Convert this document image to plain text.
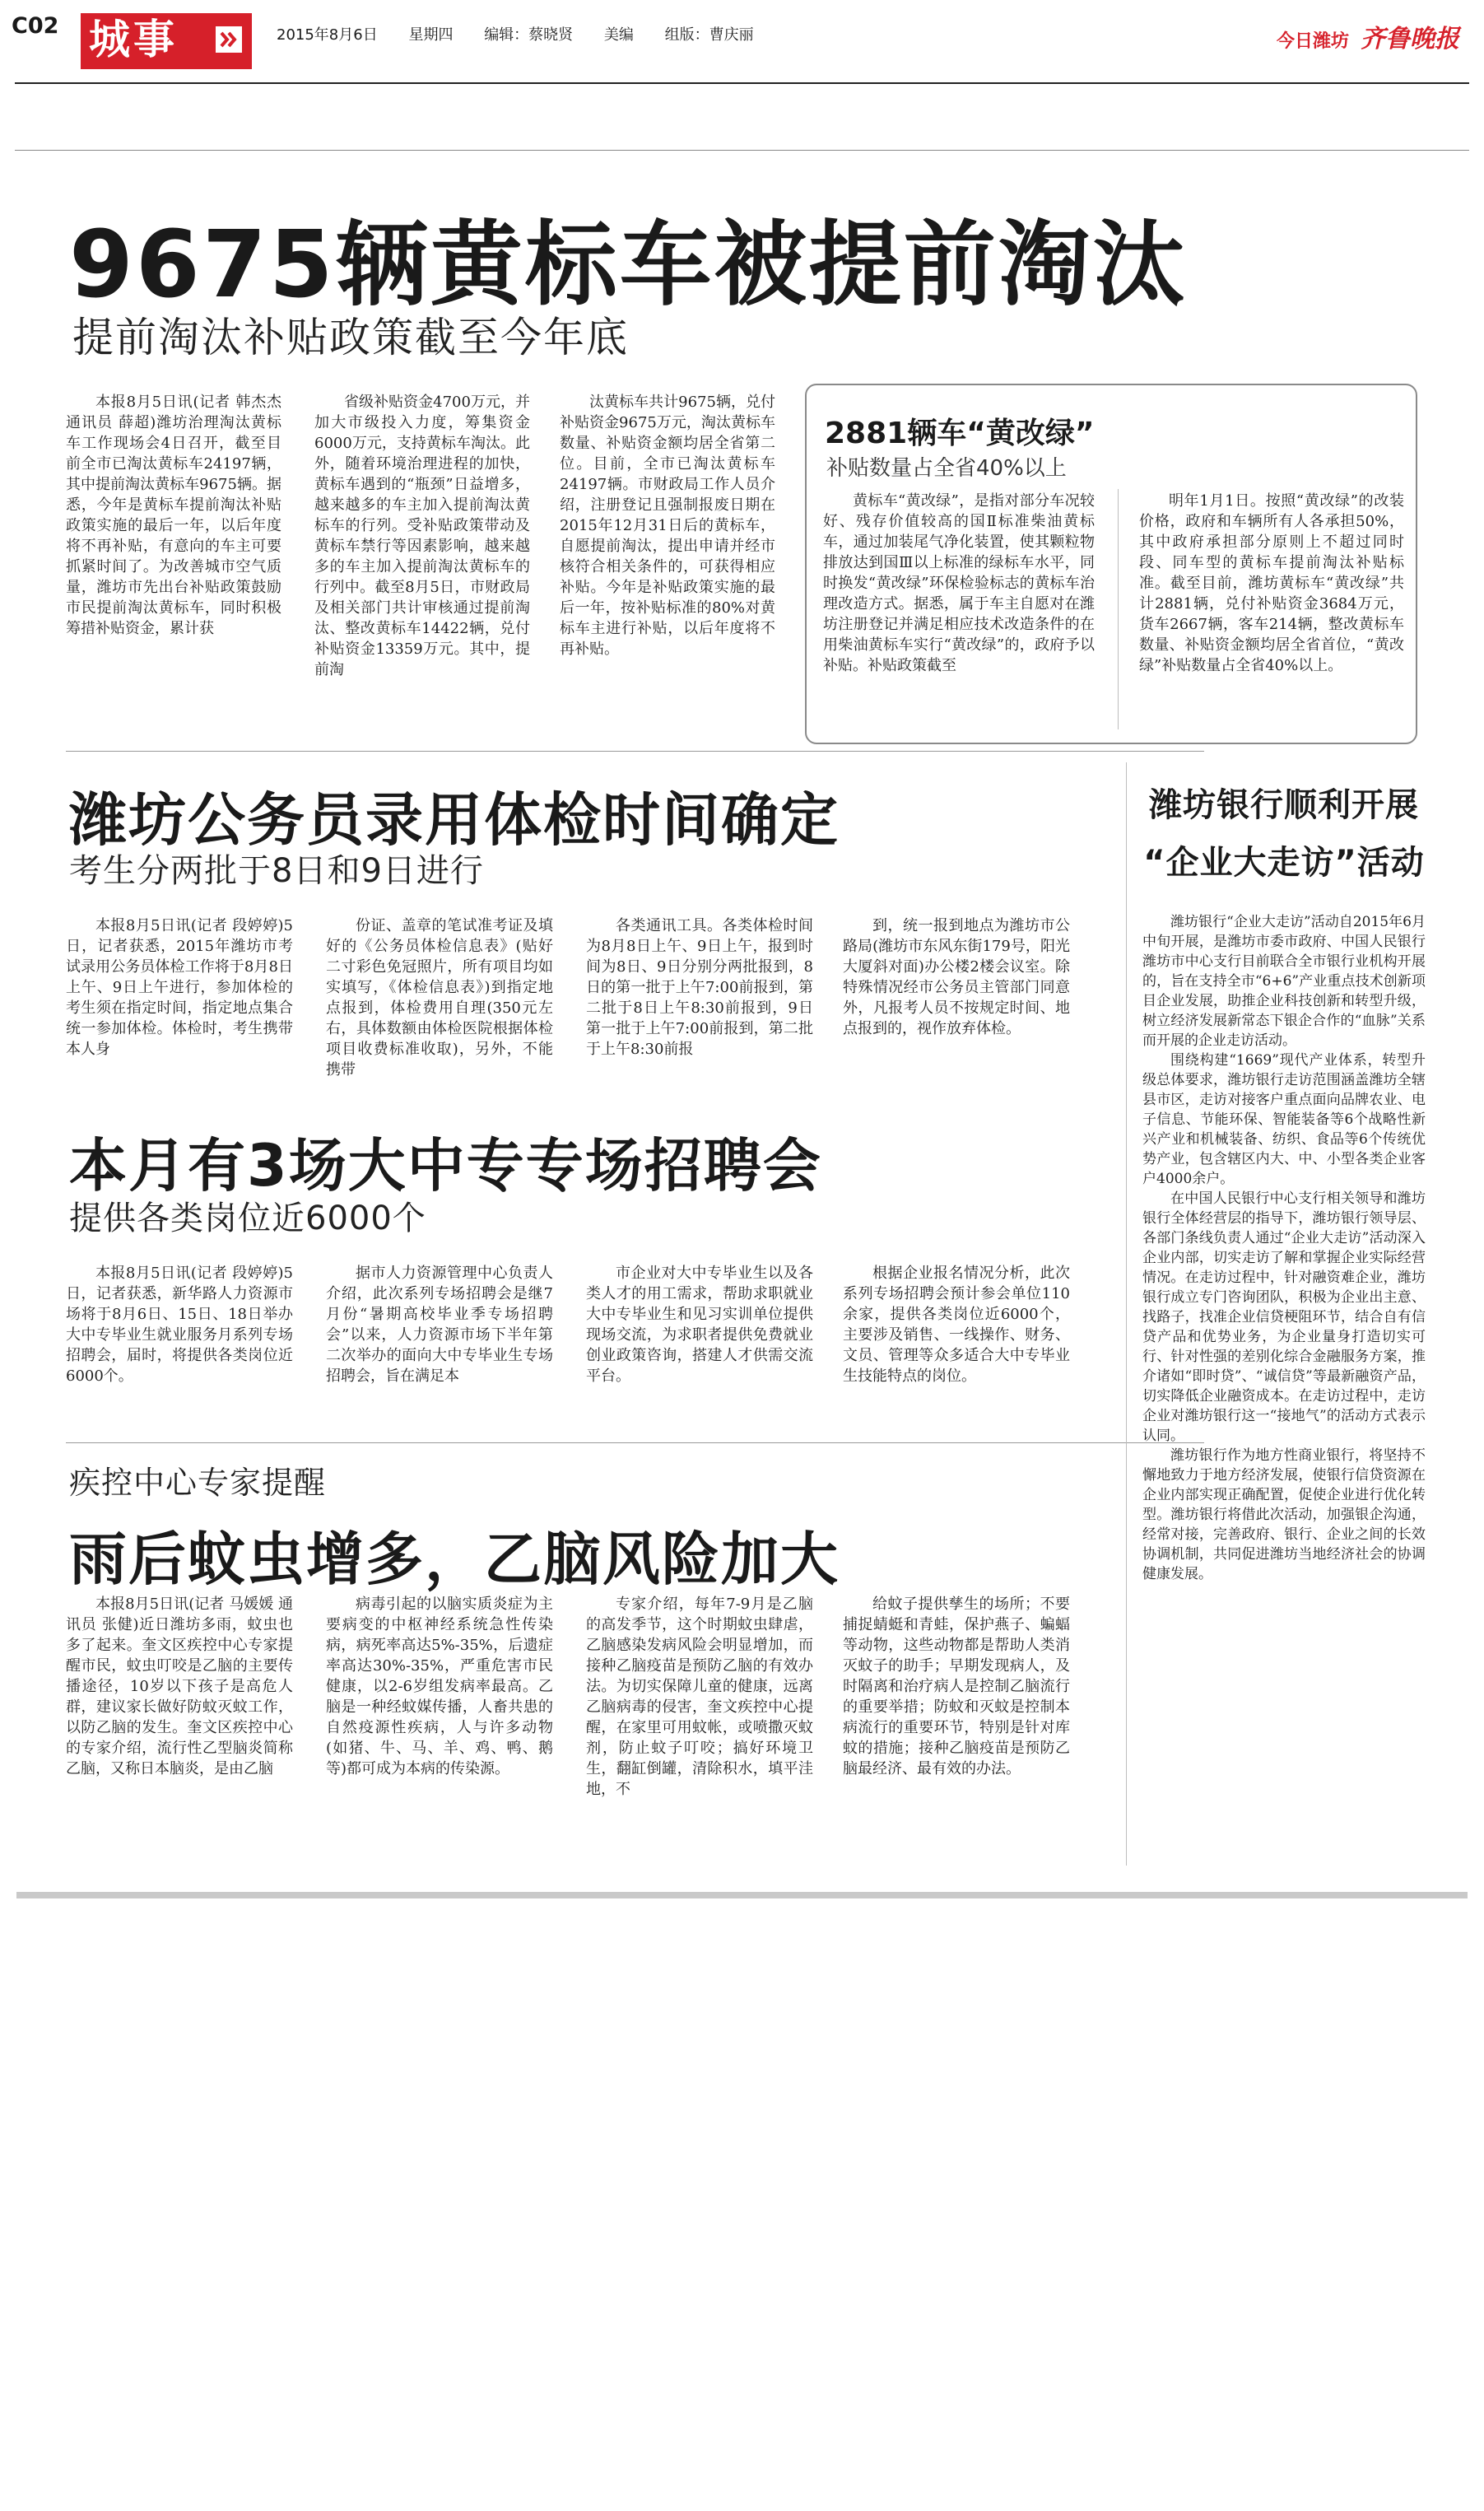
C02 城事	2015年8月6日 星期四 编辑：蔡晓贤 美编 组版：曹庆丽	今日潍坊 齐鲁晚报
9675辆黄标车被提前淘汰
提前淘汰补贴政策截至今年底

本报8月5日讯(记者 韩杰杰 通讯员 薛超)潍坊治理淘汰黄标车工作现场会4日召开，截至目前全市已淘汰黄标车24197辆，其中提前淘汰黄标车9675辆。据悉，今年是黄标车提前淘汰补贴政策实施的最后一年，以后年度将不再补贴，有意向的车主可要抓紧时间了。为改善城市空气质量，潍坊市先出台补贴政策鼓励市民提前淘汰黄标车，同时积极筹措补贴资金，累计获

省级补贴资金4700万元，并加大市级投入力度，筹集资金6000万元，支持黄标车淘汰。此外，随着环境治理进程的加快，黄标车遇到的“瓶颈”日益增多，越来越多的车主加入提前淘汰黄标车的行列。受补贴政策带动及黄标车禁行等因素影响，越来越多的车主加入提前淘汰黄标车的行列中。截至8月5日，市财政局及相关部门共计审核通过提前淘汰、整改黄标车14422辆，兑付补贴资金13359万元。其中，提前淘

汰黄标车共计9675辆，兑付补贴资金9675万元，淘汰黄标车数量、补贴资金额均居全省第二位。目前，全市已淘汰黄标车24197辆。市财政局工作人员介绍，注册登记且强制报废日期在2015年12月31日后的黄标车，自愿提前淘汰，提出申请并经市核符合相关条件的，可获得相应补贴。今年是补贴政策实施的最后一年，按补贴标准的80%对黄标车主进行补贴，以后年度将不再补贴。

2881辆车“黄改绿”
补贴数量占全省40%以上

黄标车“黄改绿”，是指对部分车况较好、残存价值较高的国Ⅱ标准柴油黄标车，通过加装尾气净化装置，使其颗粒物排放达到国Ⅲ以上标准的绿标车水平，同时换发“黄改绿”环保检验标志的黄标车治理改造方式。据悉，属于车主自愿对在潍坊注册登记并满足相应技术改造条件的在用柴油黄标车实行“黄改绿”的，政府予以补贴。补贴政策截至

明年1月1日。按照“黄改绿”的改装价格，政府和车辆所有人各承担50%，其中政府承担部分原则上不超过同时段、同车型的黄标车提前淘汰补贴标准。截至目前，潍坊黄标车“黄改绿”共计2881辆，兑付补贴资金3684万元，货车2667辆，客车214辆，整改黄标车数量、补贴资金额均居全省首位，“黄改绿”补贴数量占全省40%以上。

潍坊公务员录用体检时间确定
考生分两批于8日和9日进行

本报8月5日讯(记者 段婷婷)5日，记者获悉，2015年潍坊市考试录用公务员体检工作将于8月8日上午、9日上午进行，参加体检的考生须在指定时间，指定地点集合统一参加体检。体检时，考生携带本人身

份证、盖章的笔试准考证及填好的《公务员体检信息表》(贴好二寸彩色免冠照片，所有项目均如实填写，《体检信息表》)到指定地点报到，体检费用自理(350元左右，具体数额由体检医院根据体检项目收费标准收取)，另外，不能携带

各类通讯工具。各类体检时间为8月8日上午、9日上午，报到时间为8日、9日分别分两批报到，8日的第一批于上午7:00前报到，第二批于8日上午8:30前报到，9日第一批于上午7:00前报到，第二批于上午8:30前报

到，统一报到地点为潍坊市公路局(潍坊市东风东街179号，阳光大厦斜对面)办公楼2楼会议室。除特殊情况经市公务员主管部门同意外，凡报考人员不按规定时间、地点报到的，视作放弃体检。

本月有3场大中专专场招聘会
提供各类岗位近6000个

本报8月5日讯(记者 段婷婷)5日，记者获悉，新华路人力资源市场将于8月6日、15日、18日举办大中专毕业生就业服务月系列专场招聘会，届时，将提供各类岗位近6000个。

据市人力资源管理中心负责人介绍，此次系列专场招聘会是继7月份“暑期高校毕业季专场招聘会”以来，人力资源市场下半年第二次举办的面向大中专毕业生专场招聘会，旨在满足本

市企业对大中专毕业生以及各类人才的用工需求，帮助求职就业大中专毕业生和见习实训单位提供现场交流，为求职者提供免费就业创业政策咨询，搭建人才供需交流平台。

根据企业报名情况分析，此次系列专场招聘会预计参会单位110余家，提供各类岗位近6000个，主要涉及销售、一线操作、财务、文员、管理等众多适合大中专毕业生技能特点的岗位。

疾控中心专家提醒
雨后蚊虫增多，乙脑风险加大

本报8月5日讯(记者 马媛媛 通讯员 张健)近日潍坊多雨，蚊虫也多了起来。奎文区疾控中心专家提醒市民，蚊虫叮咬是乙脑的主要传播途径，10岁以下孩子是高危人群，建议家长做好防蚊灭蚊工作，以防乙脑的发生。奎文区疾控中心的专家介绍，流行性乙型脑炎简称乙脑，又称日本脑炎，是由乙脑

病毒引起的以脑实质炎症为主要病变的中枢神经系统急性传染病，病死率高达5%-35%，后遗症率高达30%-35%，严重危害市民健康，以2-6岁组发病率最高。乙脑是一种经蚊媒传播，人畜共患的自然疫源性疾病，人与许多动物(如猪、牛、马、羊、鸡、鸭、鹅等)都可成为本病的传染源。

专家介绍，每年7-9月是乙脑的高发季节，这个时期蚊虫肆虐，乙脑感染发病风险会明显增加，而接种乙脑疫苗是预防乙脑的有效办法。为切实保障儿童的健康，远离乙脑病毒的侵害，奎文疾控中心提醒，在家里可用蚊帐，或喷撒灭蚊剂，防止蚊子叮咬；搞好环境卫生，翻缸倒罐，清除积水，填平洼地，不

给蚊子提供孳生的场所；不要捕捉蜻蜓和青蛙，保护燕子、蝙蝠等动物，这些动物都是帮助人类消灭蚊子的助手；早期发现病人，及时隔离和治疗病人是控制乙脑流行的重要举措；防蚊和灭蚊是控制本病流行的重要环节，特别是针对库蚊的措施；接种乙脑疫苗是预防乙脑最经济、最有效的办法。

潍坊银行顺利开展
“企业大走访”活动

潍坊银行“企业大走访”活动自2015年6月中旬开展，是潍坊市委市政府、中国人民银行潍坊市中心支行目前联合全市银行业机构开展的，旨在支持全市“6+6”产业重点技术创新项目企业发展，助推企业科技创新和转型升级，树立经济发展新常态下银企合作的“血脉”关系而开展的企业走访活动。

围绕构建“1669”现代产业体系，转型升级总体要求，潍坊银行走访范围涵盖潍坊全辖县市区，走访对接客户重点面向品牌农业、电子信息、节能环保、智能装备等6个战略性新兴产业和机械装备、纺织、食品等6个传统优势产业，包含辖区内大、中、小型各类企业客户4000余户。

在中国人民银行中心支行相关领导和潍坊银行全体经营层的指导下，潍坊银行领导层、各部门条线负责人通过“企业大走访”活动深入企业内部，切实走访了解和掌握企业实际经营情况。在走访过程中，针对融资难企业，潍坊银行成立专门咨询团队，积极为企业出主意、找路子，找准企业信贷梗阻环节，结合自有信贷产品和优势业务，为企业量身打造切实可行、针对性强的差别化综合金融服务方案，推介诸如“即时贷”、“诚信贷”等最新融资产品，切实降低企业融资成本。在走访过程中，走访企业对潍坊银行这一“接地气”的活动方式表示认同。

潍坊银行作为地方性商业银行，将坚持不懈地致力于地方经济发展，使银行信贷资源在企业内部实现正确配置，促使企业进行优化转型。潍坊银行将借此次活动，加强银企沟通，经常对接，完善政府、银行、企业之间的长效协调机制，共同促进潍坊当地经济社会的协调健康发展。
